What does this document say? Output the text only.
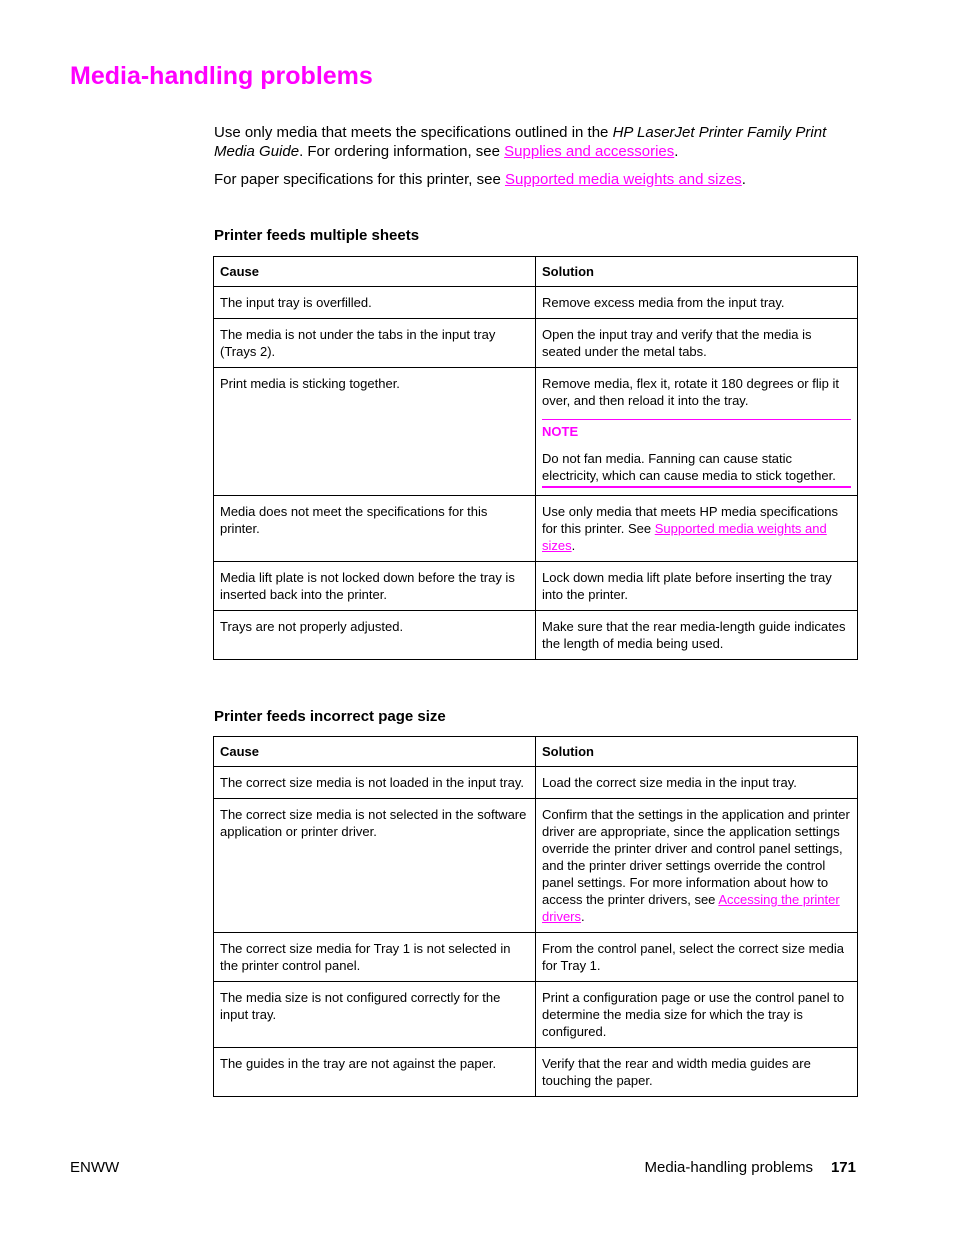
Media-handling problems

Use only media that meets the specifications outlined in the HP LaserJet Printer Family Print Media Guide. For ordering information, see Supplies and accessories.

For paper specifications for this printer, see Supported media weights and sizes.

Printer feeds multiple sheets
Cause	Solution
The input tray is overfilled.	Remove excess media from the input tray.
The media is not under the tabs in the input tray (Trays 2).	Open the input tray and verify that the media is seated under the metal tabs.
Print media is sticking together.	Remove media, flex it, rotate it 180 degrees or flip it over, and then reload it into the tray.
NOTE
Do not fan media. Fanning can cause static electricity, which can cause media to stick together.

Media does not meet the specifications for this printer.	Use only media that meets HP media specifications for this printer. See Supported media weights and sizes.
Media lift plate is not locked down before the tray is inserted back into the printer.	Lock down media lift plate before inserting the tray into the printer.
Trays are not properly adjusted.	Make sure that the rear media-length guide indicates the length of media being used.
Printer feeds incorrect page size
Cause	Solution
The correct size media is not loaded in the input tray.	Load the correct size media in the input tray.
The correct size media is not selected in the software application or printer driver.	Confirm that the settings in the application and printer driver are appropriate, since the application settings override the printer driver and control panel settings, and the printer driver settings override the control panel settings. For more information about how to access the printer drivers, see Accessing the printer drivers.
The correct size media for Tray 1 is not selected in the printer control panel.	From the control panel, select the correct size media for Tray 1.
The media size is not configured correctly for the input tray.	Print a configuration page or use the control panel to determine the media size for which the tray is configured.
The guides in the tray are not against the paper.	Verify that the rear and width media guides are touching the paper.
ENWW	Media-handling problems 171
